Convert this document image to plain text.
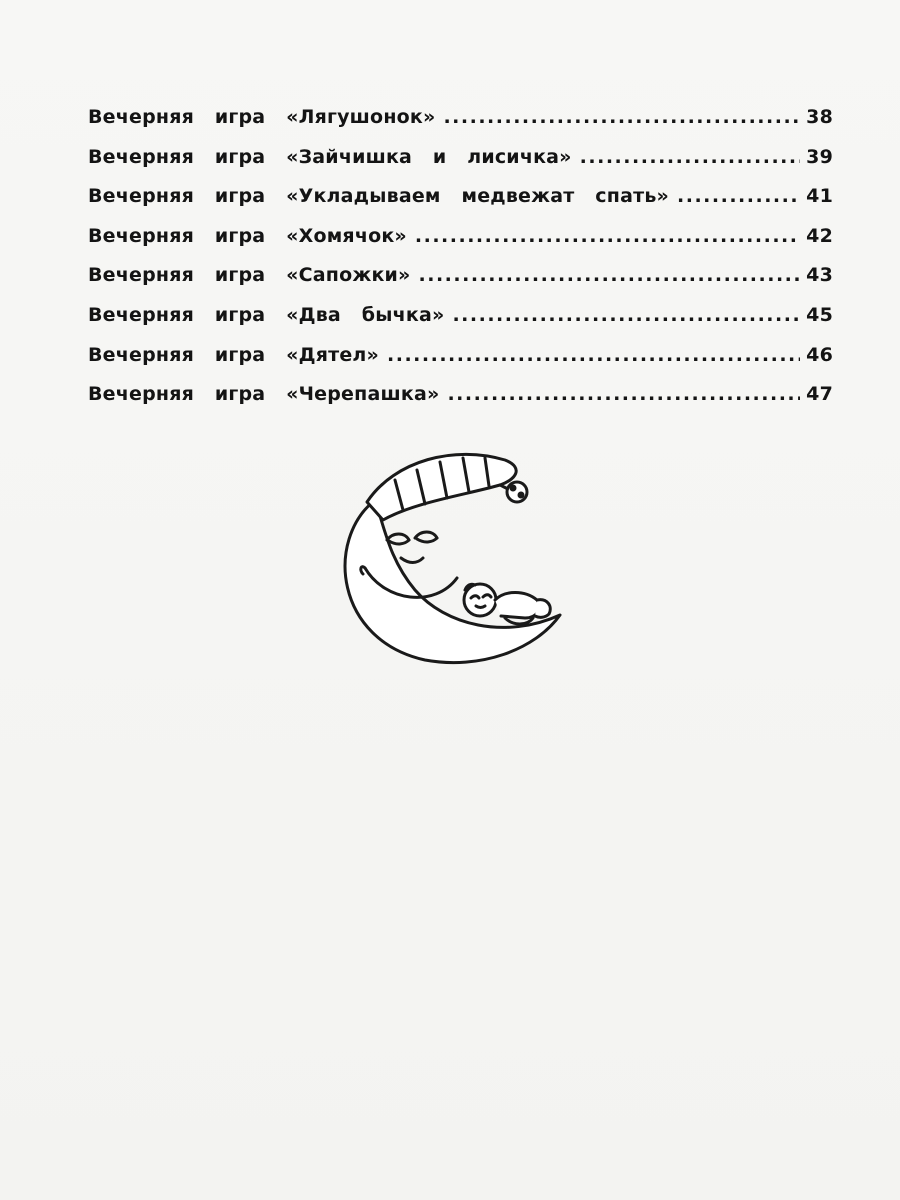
Вечерняя игра «Лягушонок» .....	38
Вечерняя игра «Зайчишка и лисичка» .....	39
Вечерняя игра «Укладываем медвежат спать» .....	41
Вечерняя игра «Хомячок» .....	42
Вечерняя игра «Сапожки» .....	43
Вечерняя игра «Два бычка» .....	45
Вечерняя игра «Дятел» .....	46
Вечерняя игра «Черепашка» .....	47
